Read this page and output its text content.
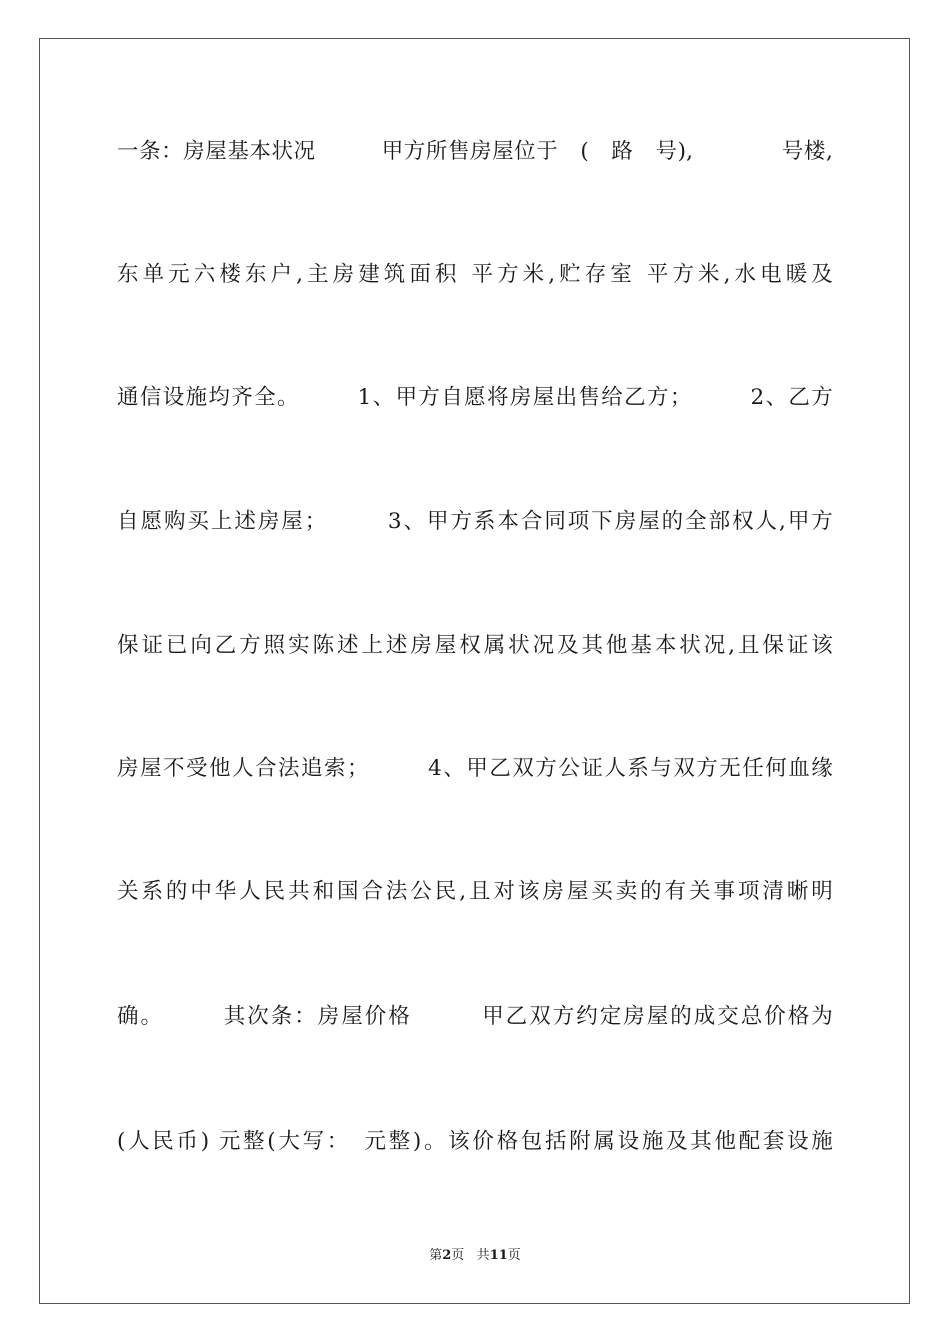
一条：房屋基本状况　　　甲方所售房屋位于　(　路　号),　　　　号楼,
东单元六楼东户,主房建筑面积 平方米,贮存室 平方米,水电暖及
通信设施均齐全。　　　1、甲方自愿将房屋出售给乙方；　　　2、乙方
自愿购买上述房屋；　　　3、甲方系本合同项下房屋的全部权人,甲方
保证已向乙方照实陈述上述房屋权属状况及其他基本状况,且保证该
房屋不受他人合法追索；　　　4、甲乙双方公证人系与双方无任何血缘
关系的中华人民共和国合法公民,且对该房屋买卖的有关事项清晰明
确。　　　其次条：房屋价格　　　甲乙双方约定房屋的成交总价格为
(人民币) 元整(大写：　元整)。该价格包括附属设施及其他配套设施
第2页 共11页
